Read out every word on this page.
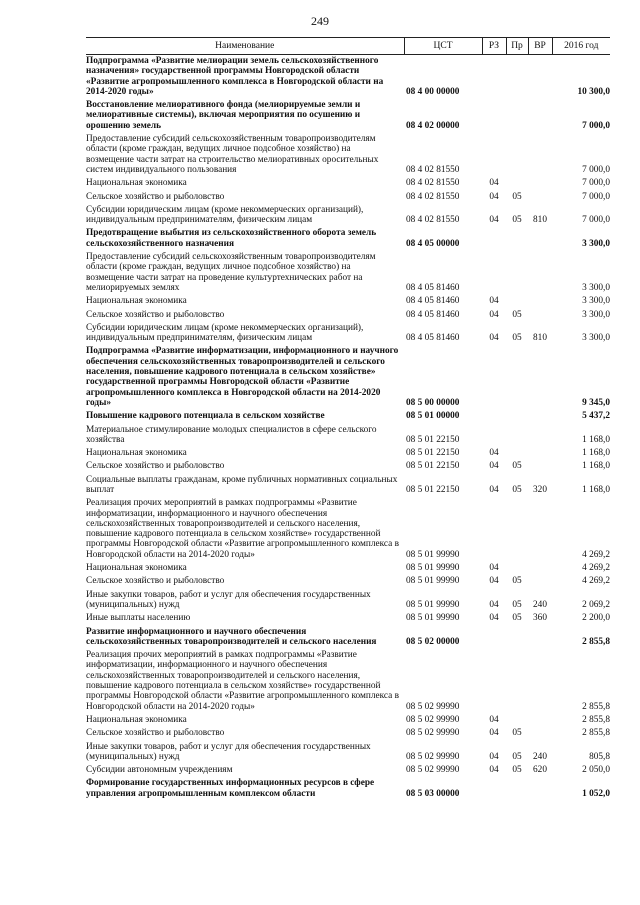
249
Наименование	ЦСТ	РЗ	Пр	ВР	2016 год
Подпрограмма «Развитие мелиорации земель сельскохозяйственного назначения» государственной программы Новгородской области «Развитие агропромышленного комплекса в Новгородской области на 2014-2020 годы»	08 4 00 00000				10 300,0
Восстановление мелиоративного фонда (мелиорируемые земли и мелиоративные системы), включая мероприятия по осушению и орошению земель	08 4 02 00000				7 000,0
Предоставление субсидий сельскохозяйственным товаропроизводителям области (кроме граждан, ведущих личное подсобное хозяйство) на возмещение части затрат на строительство мелиоративных оросительных систем индивидуального пользования	08 4 02 81550				7 000,0
Национальная экономика	08 4 02 81550	04			7 000,0
Сельское хозяйство и рыболовство	08 4 02 81550	04	05		7 000,0
Субсидии юридическим лицам (кроме некоммерческих организаций), индивидуальным предпринимателям, физическим лицам	08 4 02 81550	04	05	810	7 000,0
Предотвращение выбытия из сельскохозяйственного оборота земель сельскохозяйственного назначения	08 4 05 00000				3 300,0
Предоставление субсидий сельскохозяйственным товаропроизводителям области (кроме граждан, ведущих личное подсобное хозяйство) на возмещение части затрат на проведение культуртехнических работ на мелиорируемых землях	08 4 05 81460				3 300,0
Национальная экономика	08 4 05 81460	04			3 300,0
Сельское хозяйство и рыболовство	08 4 05 81460	04	05		3 300,0
Субсидии юридическим лицам (кроме некоммерческих организаций), индивидуальным предпринимателям, физическим лицам	08 4 05 81460	04	05	810	3 300,0
Подпрограмма «Развитие информатизации, информационного и научного обеспечения сельскохозяйственных товаропроизводителей и сельского населения, повышение кадрового потенциала в сельском хозяйстве» государственной программы Новгородской области «Развитие агропромышленного комплекса в Новгородской области на 2014-2020 годы»	08 5 00 00000				9 345,0
Повышение кадрового потенциала в сельском хозяйстве	08 5 01 00000				5 437,2
Материальное стимулирование молодых специалистов в сфере сельского хозяйства	08 5 01 22150				1 168,0
Национальная экономика	08 5 01 22150	04			1 168,0
Сельское хозяйство и рыболовство	08 5 01 22150	04	05		1 168,0
Социальные выплаты гражданам, кроме публичных нормативных социальных выплат	08 5 01 22150	04	05	320	1 168,0
Реализация прочих мероприятий в рамках подпрограммы «Развитие информатизации, информационного и научного обеспечения сельскохозяйственных товаропроизводителей и сельского населения, повышение кадрового потенциала в сельском хозяйстве» государственной программы Новгородской области «Развитие агропромышленного комплекса в Новгородской области на 2014-2020 годы»	08 5 01 99990				4 269,2
Национальная экономика	08 5 01 99990	04			4 269,2
Сельское хозяйство и рыболовство	08 5 01 99990	04	05		4 269,2
Иные закупки товаров, работ и услуг для обеспечения государственных (муниципальных) нужд	08 5 01 99990	04	05	240	2 069,2
Иные выплаты населению	08 5 01 99990	04	05	360	2 200,0
Развитие информационного и научного обеспечения сельскохозяйственных товаропроизводителей и сельского населения	08 5 02 00000				2 855,8
Реализация прочих мероприятий в рамках подпрограммы «Развитие информатизации, информационного и научного обеспечения сельскохозяйственных товаропроизводителей и сельского населения, повышение кадрового потенциала в сельском хозяйстве» государственной программы Новгородской области «Развитие агропромышленного комплекса в Новгородской области на 2014-2020 годы»	08 5 02 99990				2 855,8
Национальная экономика	08 5 02 99990	04			2 855,8
Сельское хозяйство и рыболовство	08 5 02 99990	04	05		2 855,8
Иные закупки товаров, работ и услуг для обеспечения государственных (муниципальных) нужд	08 5 02 99990	04	05	240	805,8
Субсидии автономным учреждениям	08 5 02 99990	04	05	620	2 050,0
Формирование государственных информационных ресурсов в сфере управления агропромышленным комплексом области	08 5 03 00000				1 052,0
